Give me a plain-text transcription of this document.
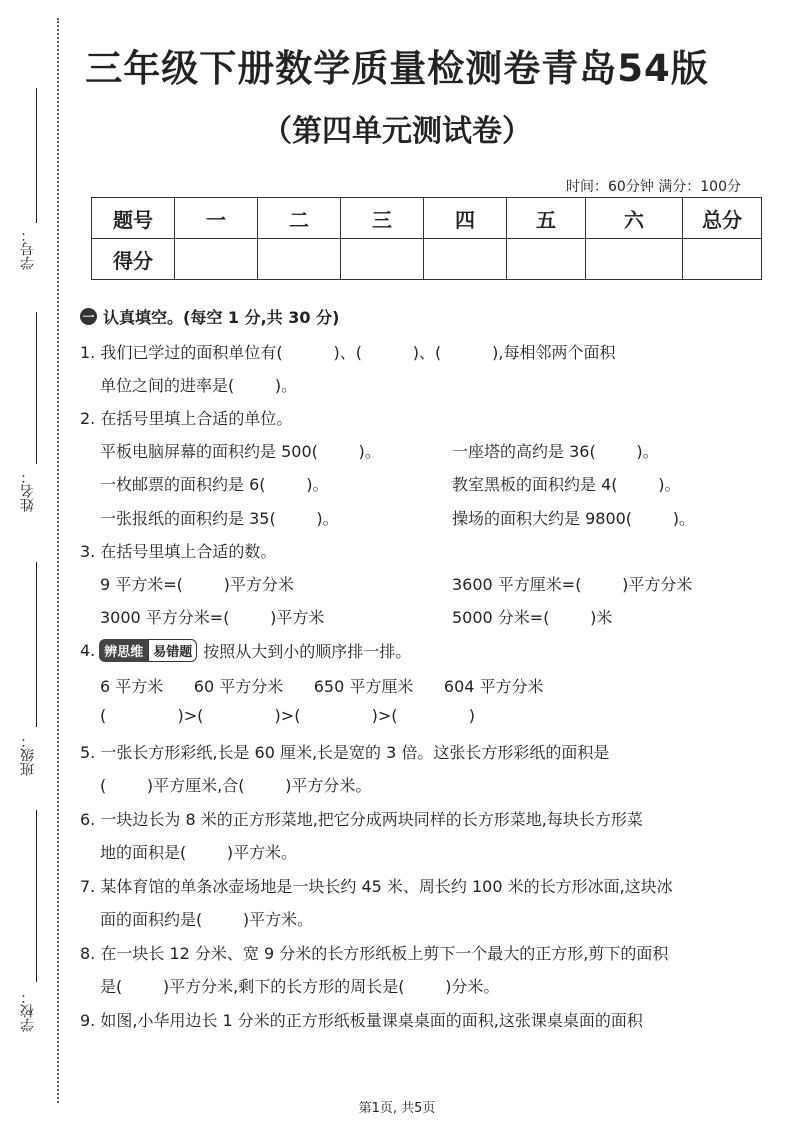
学号：
姓名：
班级：
学校：
三年级下册数学质量检测卷青岛54版
（第四单元测试卷）
时间：60分钟 满分：100分
题号	一	二	三	四	五	六	总分
得分							
一 认真填空。(每空 1 分,共 30 分)
1. 我们已学过的面积单位有(          )、(          )、(          ),每相邻两个面积
单位之间的进率是(        )。
2. 在括号里填上合适的单位。
平板电脑屏幕的面积约是 500(        )。	一座塔的高约是 36(        )。
一枚邮票的面积约是 6(        )。	教室黑板的面积约是 4(        )。
一张报纸的面积约是 35(        )。	操场的面积大约是 9800(        )。
3. 在括号里填上合适的数。
9 平方米=(        )平方分米	3600 平方厘米=(        )平方分米
3000 平方分米=(        )平方米	5000 分米=(        )米
4. 辨思维 易错题 按照从大到小的顺序排一排。
6 平方米      60 平方分米      650 平方厘米      604 平方分米
(              )>(              )>(              )>(              )
5. 一张长方形彩纸,长是 60 厘米,长是宽的 3 倍。这张长方形彩纸的面积是
(        )平方厘米,合(        )平方分米。
6. 一块边长为 8 米的正方形菜地,把它分成两块同样的长方形菜地,每块长方形菜
地的面积是(        )平方米。
7. 某体育馆的单条冰壶场地是一块长约 45 米、周长约 100 米的长方形冰面,这块冰
面的面积约是(        )平方米。
8. 在一块长 12 分米、宽 9 分米的长方形纸板上剪下一个最大的正方形,剪下的面积
是(        )平方分米,剩下的长方形的周长是(        )分米。
9. 如图,小华用边长 1 分米的正方形纸板量课桌桌面的面积,这张课桌桌面的面积
第1页, 共5页
